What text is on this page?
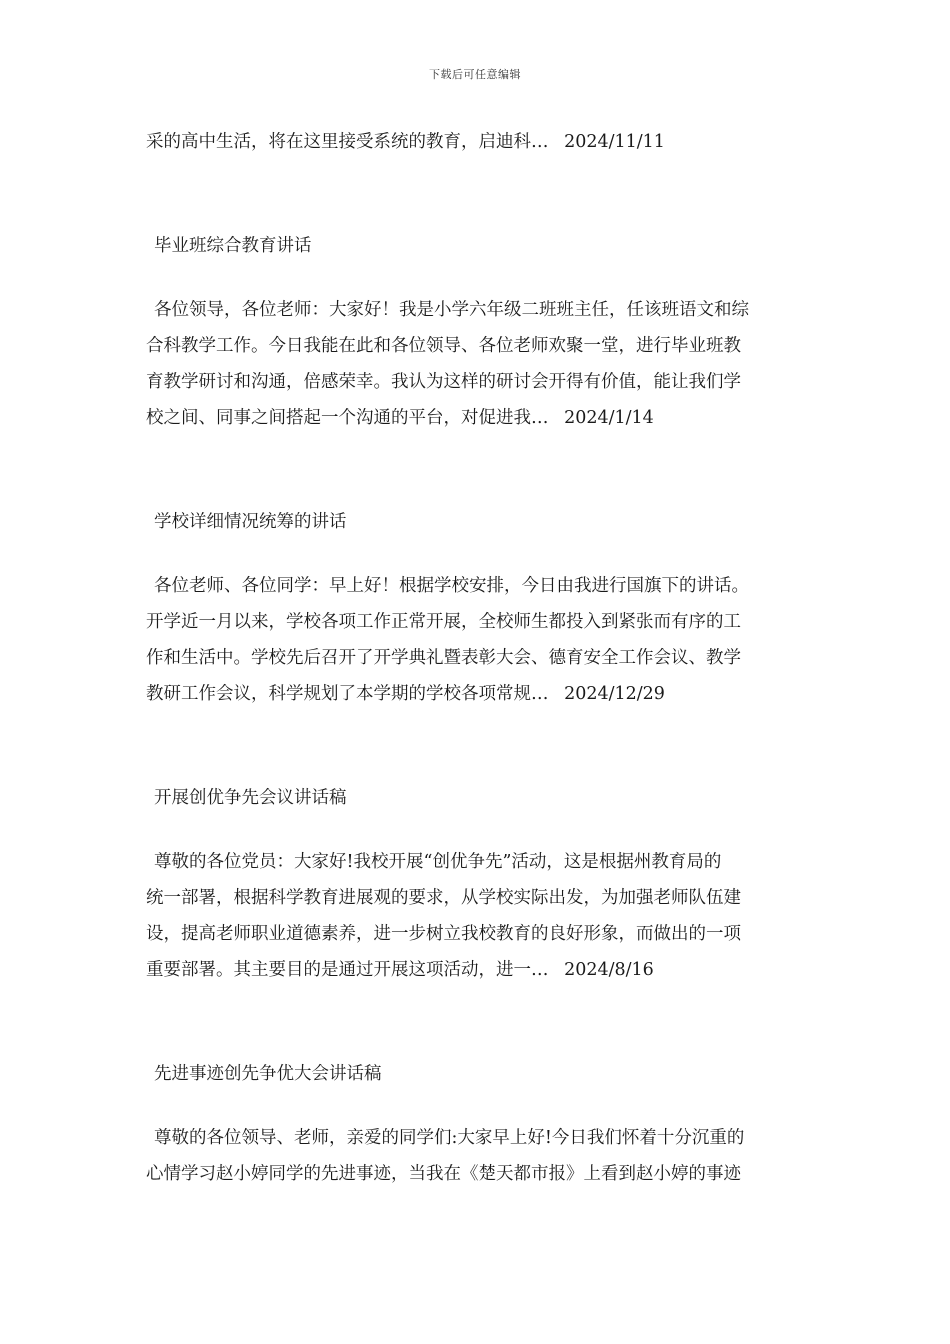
下载后可任意编辑

采的高中生活，将在这里接受系统的教育，启迪科… 2024/11/11

毕业班综合教育讲话

各位领导，各位老师：大家好！我是小学六年级二班班主任，任该班语文和综

合科教学工作。今日我能在此和各位领导、各位老师欢聚一堂，进行毕业班教

育教学研讨和沟通，倍感荣幸。我认为这样的研讨会开得有价值，能让我们学

校之间、同事之间搭起一个沟通的平台，对促进我… 2024/1/14

学校详细情况统筹的讲话

各位老师、各位同学：早上好！根据学校安排，今日由我进行国旗下的讲话。

开学近一月以来，学校各项工作正常开展，全校师生都投入到紧张而有序的工

作和生活中。学校先后召开了开学典礼暨表彰大会、德育安全工作会议、教学

教研工作会议，科学规划了本学期的学校各项常规… 2024/12/29

开展创优争先会议讲话稿

尊敬的各位党员：大家好!我校开展“创优争先”活动，这是根据州教育局的

统一部署，根据科学教育进展观的要求，从学校实际出发，为加强老师队伍建

设，提高老师职业道德素养，进一步树立我校教育的良好形象，而做出的一项

重要部署。其主要目的是通过开展这项活动，进一… 2024/8/16

先进事迹创先争优大会讲话稿

尊敬的各位领导、老师，亲爱的同学们:大家早上好!今日我们怀着十分沉重的

心情学习赵小婷同学的先进事迹，当我在《楚天都市报》上看到赵小婷的事迹
